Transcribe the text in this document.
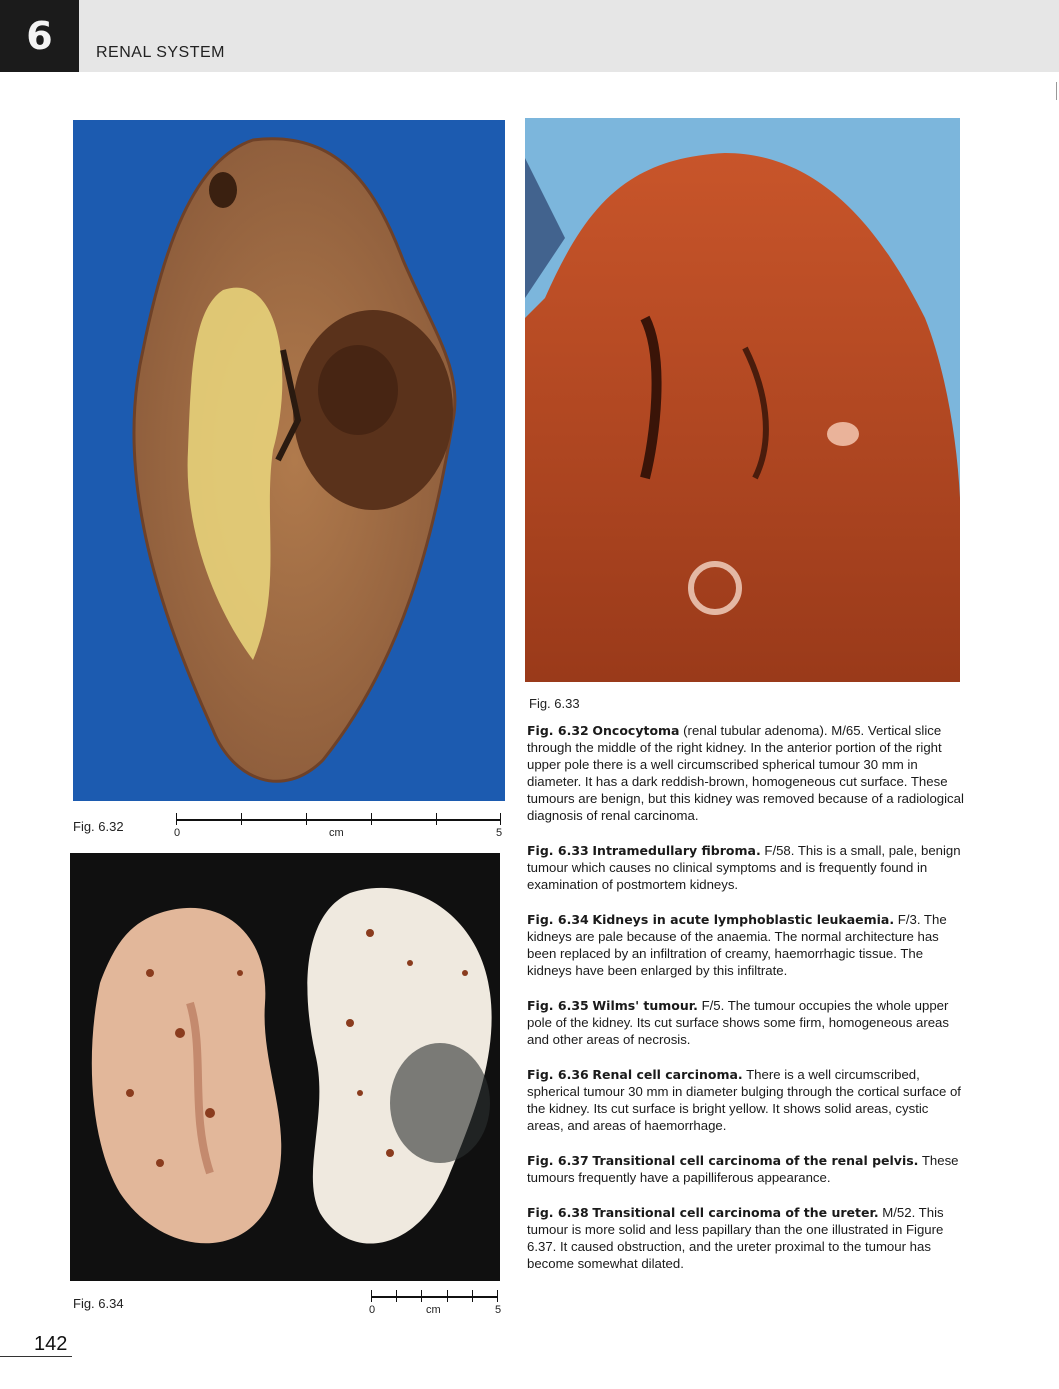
6	RENAL SYSTEM
Fig. 6.32	0	cm	5
Fig. 6.33
Fig. 6.34	0	cm	5

Fig. 6.32 Oncocytoma (renal tubular adenoma). M/65. Vertical slice through the middle of the right kidney. In the anterior portion of the right upper pole there is a well circumscribed spherical tumour 30 mm in diameter. It has a dark reddish-brown, homogeneous cut surface. These tumours are benign, but this kidney was removed because of a radiological diagnosis of renal carcinoma.

Fig. 6.33 Intramedullary fibroma. F/58. This is a small, pale, benign tumour which causes no clinical symptoms and is frequently found in examination of postmortem kidneys.

Fig. 6.34 Kidneys in acute lymphoblastic leukaemia. F/3. The kidneys are pale because of the anaemia. The normal architecture has been replaced by an infiltration of creamy, haemorrhagic tissue. The kidneys have been enlarged by this infiltrate.

Fig. 6.35 Wilms' tumour. F/5. The tumour occupies the whole upper pole of the kidney. Its cut surface shows some firm, homogeneous areas and other areas of necrosis.

Fig. 6.36 Renal cell carcinoma. There is a well circumscribed, spherical tumour 30 mm in diameter bulging through the cortical surface of the kidney. Its cut surface is bright yellow. It shows solid areas, cystic areas, and areas of haemorrhage.

Fig. 6.37 Transitional cell carcinoma of the renal pelvis. These tumours frequently have a papilliferous appearance.

Fig. 6.38 Transitional cell carcinoma of the ureter. M/52. This tumour is more solid and less papillary than the one illustrated in Figure 6.37. It caused obstruction, and the ureter proximal to the tumour has become somewhat dilated.

142
